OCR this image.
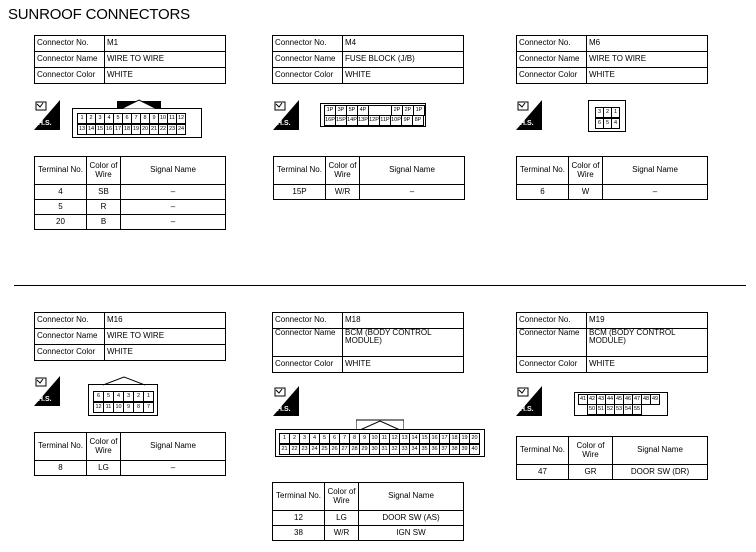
SUNROOF CONNECTORS
Connector No.	M1
Connector Name	WIRE TO WIRE
Connector Color	WHITE
Connector No.	M4
Connector Name	FUSE BLOCK (J/B)
Connector Color	WHITE
Connector No.	M6
Connector Name	WIRE TO WIRE
Connector Color	WHITE
H.S.	H.S.	H.S.
1	2	3	4	5	6	7	8	9 10 11 12
13 14 15 16 17 18 19 20 21 22 23 24
1P 3P 5P 4P	2P 2P 1P
16P 15P 14P 13P 12P 11P 10P 9P 8P
3 2 1
6 5 4
Terminal No.	Color of Wire	Signal Name
4	SB	–
5	R	–
20	B	–
Terminal No.	Color of Wire	Signal Name
15P	W/R	–
Terminal No.	Color of Wire	Signal Name
6	W	–
Connector No.	M16
Connector Name	WIRE TO WIRE
Connector Color	WHITE
Connector No.	M18
Connector Name	BCM (BODY CONTROL MODULE)
Connector Color	WHITE
Connector No.	M19
Connector Name	BCM (BODY CONTROL MODULE)
Connector Color	WHITE
H.S.
H.S.	H.S.
6	5	4	3	2	1
12 11 10 9	8	7
1	2	3	4	5	6	7	8	9 10 11 12 13 14 15 16 17 18 19 20
21 22 23 24 25 26 27 28 29 30 31 32 33 34 35 36 37 38 39 40
41 42 43 44 45 46 47 48 49
50 51 52 53 54 55
Terminal No.	Color of Wire	Signal Name
8	LG	–
Terminal No.	Color of Wire	Signal Name
12	LG	DOOR SW (AS)
38	W/R	IGN SW
Terminal No.	Color of Wire	Signal Name
47	GR	DOOR SW (DR)
